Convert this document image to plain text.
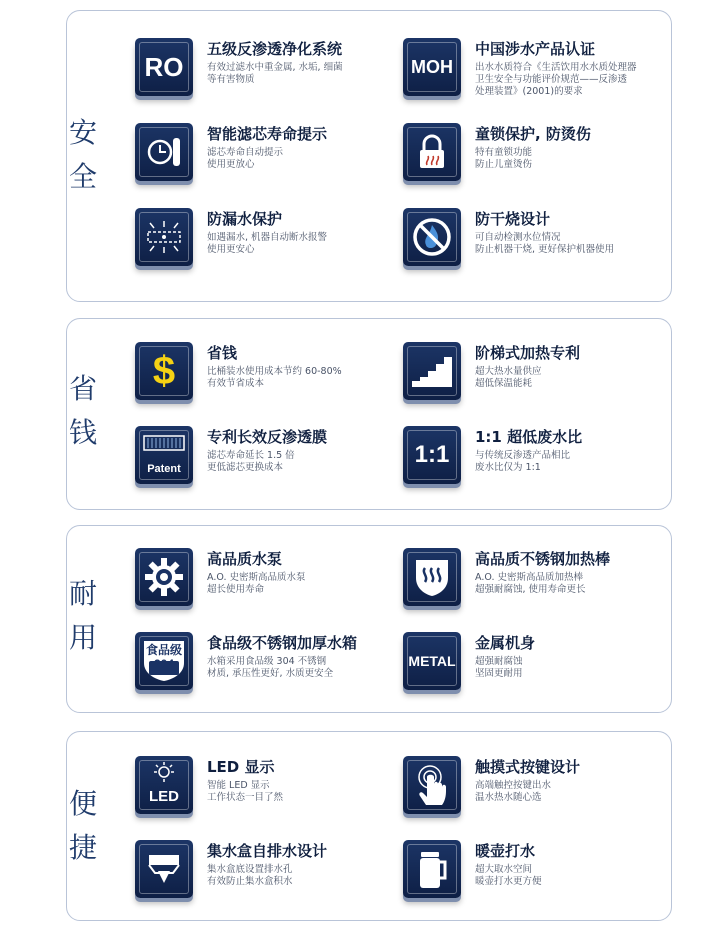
安
全
省
钱
耐
用
便
捷
RO
五级反渗透净化系统
有效过滤水中重金属, 水垢, 细菌
等有害物质
MOH
中国涉水产品认证
出水水质符合《生活饮用水水质处理器
卫生安全与功能评价规范——反渗透
处理装置》(2001)的要求
智能滤芯寿命提示
滤芯寿命自动提示
使用更放心
童锁保护, 防烫伤
特有童锁功能
防止儿童烫伤
防漏水保护
如遇漏水, 机器自动断水报警
使用更安心
防干烧设计
可自动检测水位情况
防止机器干烧, 更好保护机器使用
$ 省钱
比桶装水使用成本节约 60-80%
有效节省成本
阶梯式加热专利
超大热水量供应
超低保温能耗
Patent
专利长效反渗透膜
滤芯寿命延长 1.5 倍
更低滤芯更换成本	1:1
1:1 超低废水比
与传统反渗透产品相比
废水比仅为 1:1
高品质水泵
A.O. 史密斯高品质水泵
超长使用寿命
高品质不锈钢加热棒
A.O. 史密斯高品质加热棒
超强耐腐蚀, 使用寿命更长
食品级
304
食品级不锈钢加厚水箱
水箱采用食品级 304 不锈钢
材质, 承压性更好, 水质更安全
METAL
金属机身
超强耐腐蚀
坚固更耐用
LED
LED 显示
智能 LED 显示
工作状态一目了然
触摸式按键设计
高端触控按键出水
温水热水随心选
集水盒自排水设计
集水盒底设置排水孔
有效防止集水盒积水
暖壶打水
超大取水空间
暖壶打水更方便
